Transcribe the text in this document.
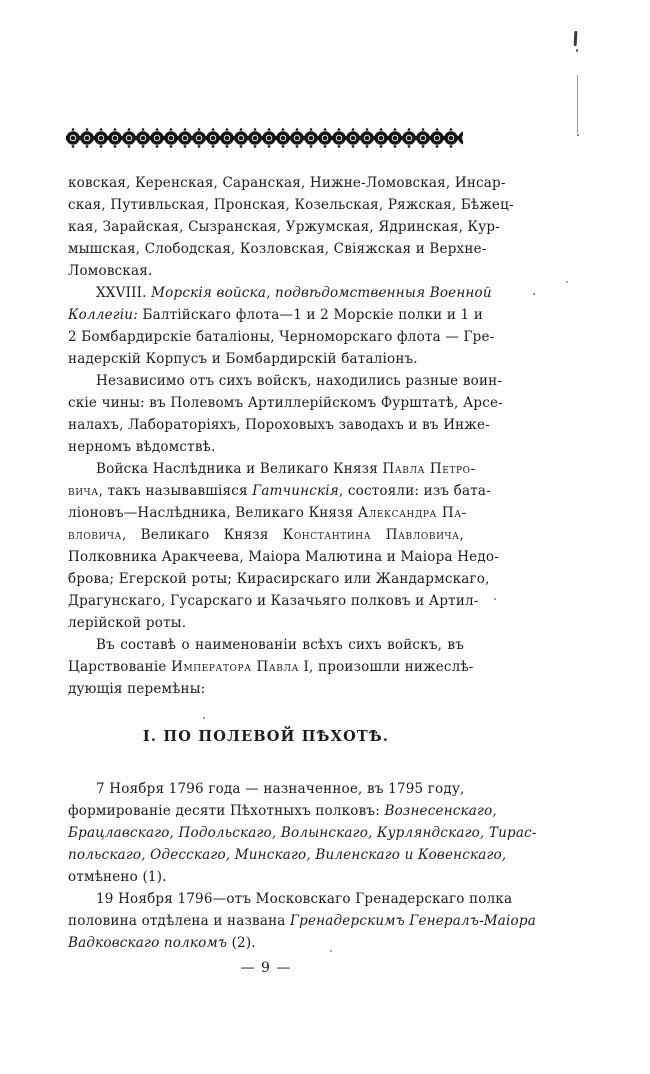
ковская, Керенская, Саранская, Нижне-Ломовская, Инсар-
ская, Путивльская, Пронская, Козельская, Ряжская, Бѣжец-
кая, Зарайская, Сызранская, Уржумская, Ядринская, Кур-
мышская, Слободская, Козловская, Свіяжская и Верхне-
Ломовская.
XXVIII. Морскія войска, подвѣдомственныя Военной
Коллегіи: Балтійскаго флота—1 и 2 Морскіе полки и 1 и
2 Бомбардирскіе баталіоны, Черноморскаго флота — Гре-
надерскій Корпусъ и Бомбардирскій баталіонъ.
Независимо отъ сихъ войскъ, находились разные воин-
скіе чины: въ Полевомъ Артиллерійскомъ Фурштатѣ, Арсе-
налахъ, Лабораторіяхъ, Пороховыхъ заводахъ и въ Инже-
нерномъ вѣдомствѣ.
Войска Наслѣдника и Великаго Князя Павла Петро-
вича, такъ называвшіяся Гатчинскія, состояли: изъ бата-
ліоновъ—Наслѣдника, Великаго Князя Александра Па-
вловича, Великаго Князя Константина Павловича,
Полковника Аракчеева, Маіора Малютина и Маіора Недо-
брова; Егерской роты; Кирасирскаго или Жандармскаго,
Драгунскаго, Гусарскаго и Казачьяго полковъ и Артил-
лерійской роты.
Въ составѣ о наименованіи всѣхъ сихъ войскъ, въ
Царствованіе Императора Павла I, произошли нижеслѣ-
дующія перемѣны:
I. ПО ПОЛЕВОЙ ПѢХОТѢ.
7 Ноября 1796 года — назначенное, въ 1795 году,
формированіе десяти Пѣхотныхъ полковъ: Вознесенскаго,
Брацлавскаго, Подольскаго, Волынскаго, Курляндскаго, Тирас-
польскаго, Одесскаго, Минскаго, Виленскаго и Ковенскаго,
отмѣнено (1).
19 Ноября 1796—отъ Московскаго Гренадерскаго полка
половина отдѣлена и названа Гренадерскимъ Генералъ-Маіора
Вадковскаго полкомъ (2).
— 9 —
